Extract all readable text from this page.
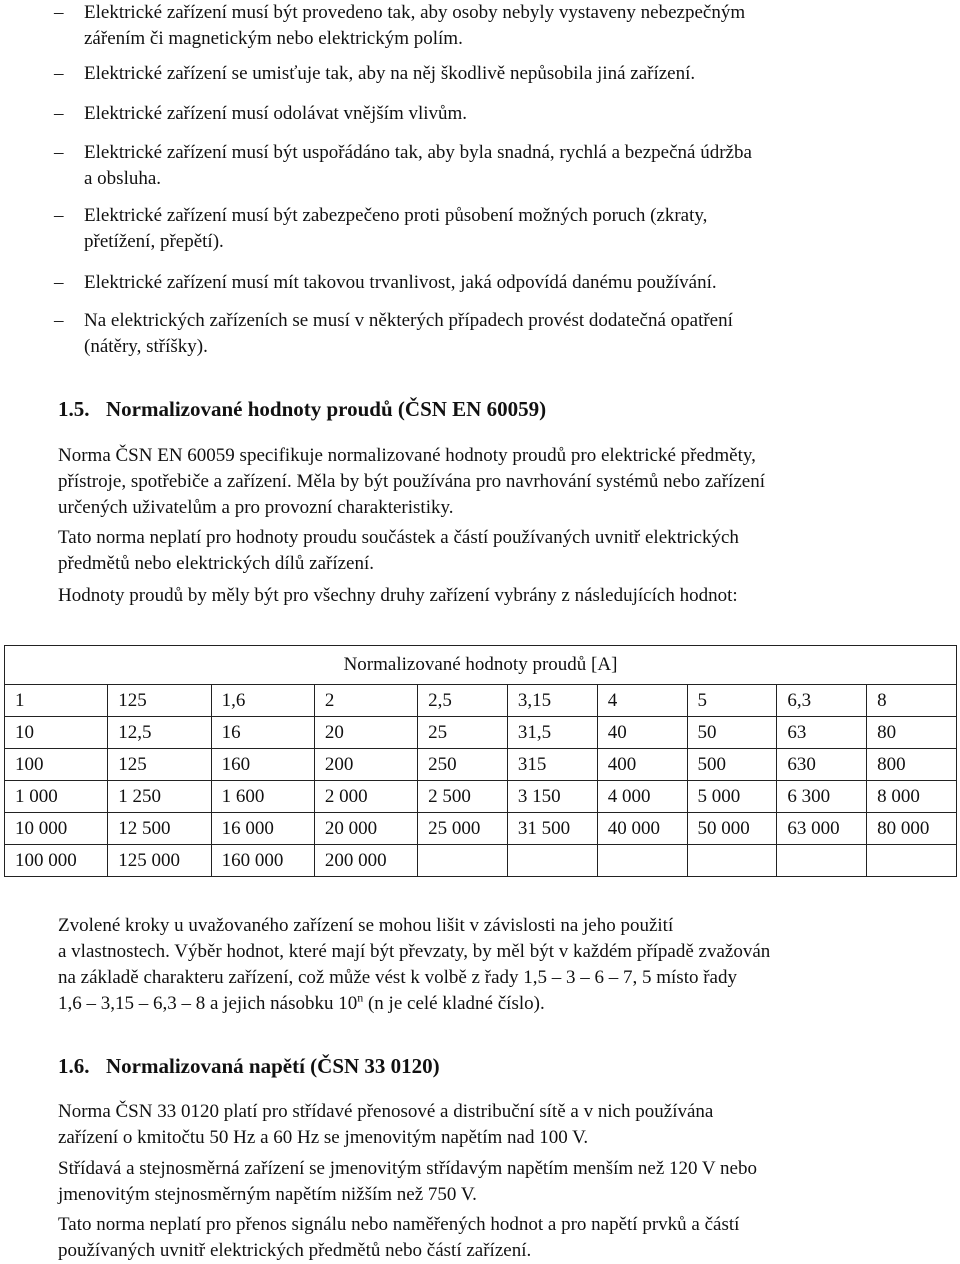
– Elektrické zařízení musí být provedeno tak, aby osoby nebyly vystaveny nebezpečným
zářením či magnetickým nebo elektrickým polím.
– Elektrické zařízení se umisťuje tak, aby na něj škodlivě nepůsobila jiná zařízení.
– Elektrické zařízení musí odolávat vnějším vlivům.
– Elektrické zařízení musí být uspořádáno tak, aby byla snadná, rychlá a bezpečná údržba
a obsluha.
– Elektrické zařízení musí být zabezpečeno proti působení možných poruch (zkraty,
přetížení, přepětí).
– Elektrické zařízení musí mít takovou trvanlivost, jaká odpovídá danému používání.
– Na elektrických zařízeních se musí v některých případech provést dodatečná opatření
(nátěry, stříšky).
1.5. Normalizované hodnoty proudů (ČSN EN 60059)

Norma ČSN EN 60059 specifikuje normalizované hodnoty proudů pro elektrické předměty,

přístroje, spotřebiče a zařízení. Měla by být používána pro navrhování systémů nebo zařízení

určených uživatelům a pro provozní charakteristiky.

Tato norma neplatí pro hodnoty proudu součástek a částí používaných uvnitř elektrických

předmětů nebo elektrických dílů zařízení.

Hodnoty proudů by měly být pro všechny druhy zařízení vybrány z následujících hodnot:

Normalizované hodnoty proudů [A]									
1	125	1,6	2	2,5	3,15	4	5	6,3	8
10	12,5	16	20	25	31,5	40	50	63	80
100	125	160	200	250	315	400	500	630	800
1 000	1 250	1 600	2 000	2 500	3 150	4 000	5 000	6 300	8 000
10 000	12 500	16 000	20 000	25 000	31 500	40 000	50 000	63 000	80 000
100 000	125 000	160 000	200 000						

Zvolené kroky u uvažovaného zařízení se mohou lišit v závislosti na jeho použití

a vlastnostech. Výběr hodnot, které mají být převzaty, by měl být v každém případě zvažován

na základě charakteru zařízení, což může vést k volbě z řady 1,5 – 3 – 6 – 7, 5 místo řady

1,6 – 3,15 – 6,3 – 8 a jejich násobku 10$^n$ (n je celé kladné číslo).

1.6. Normalizovaná napětí (ČSN 33 0120)

Norma ČSN 33 0120 platí pro střídavé přenosové a distribuční sítě a v nich používána

zařízení o kmitočtu 50 Hz a 60 Hz se jmenovitým napětím nad 100 V.

Střídavá a stejnosměrná zařízení se jmenovitým střídavým napětím menším než 120 V nebo

jmenovitým stejnosměrným napětím nižším než 750 V.

Tato norma neplatí pro přenos signálu nebo naměřených hodnot a pro napětí prvků a částí

používaných uvnitř elektrických předmětů nebo částí zařízení.
